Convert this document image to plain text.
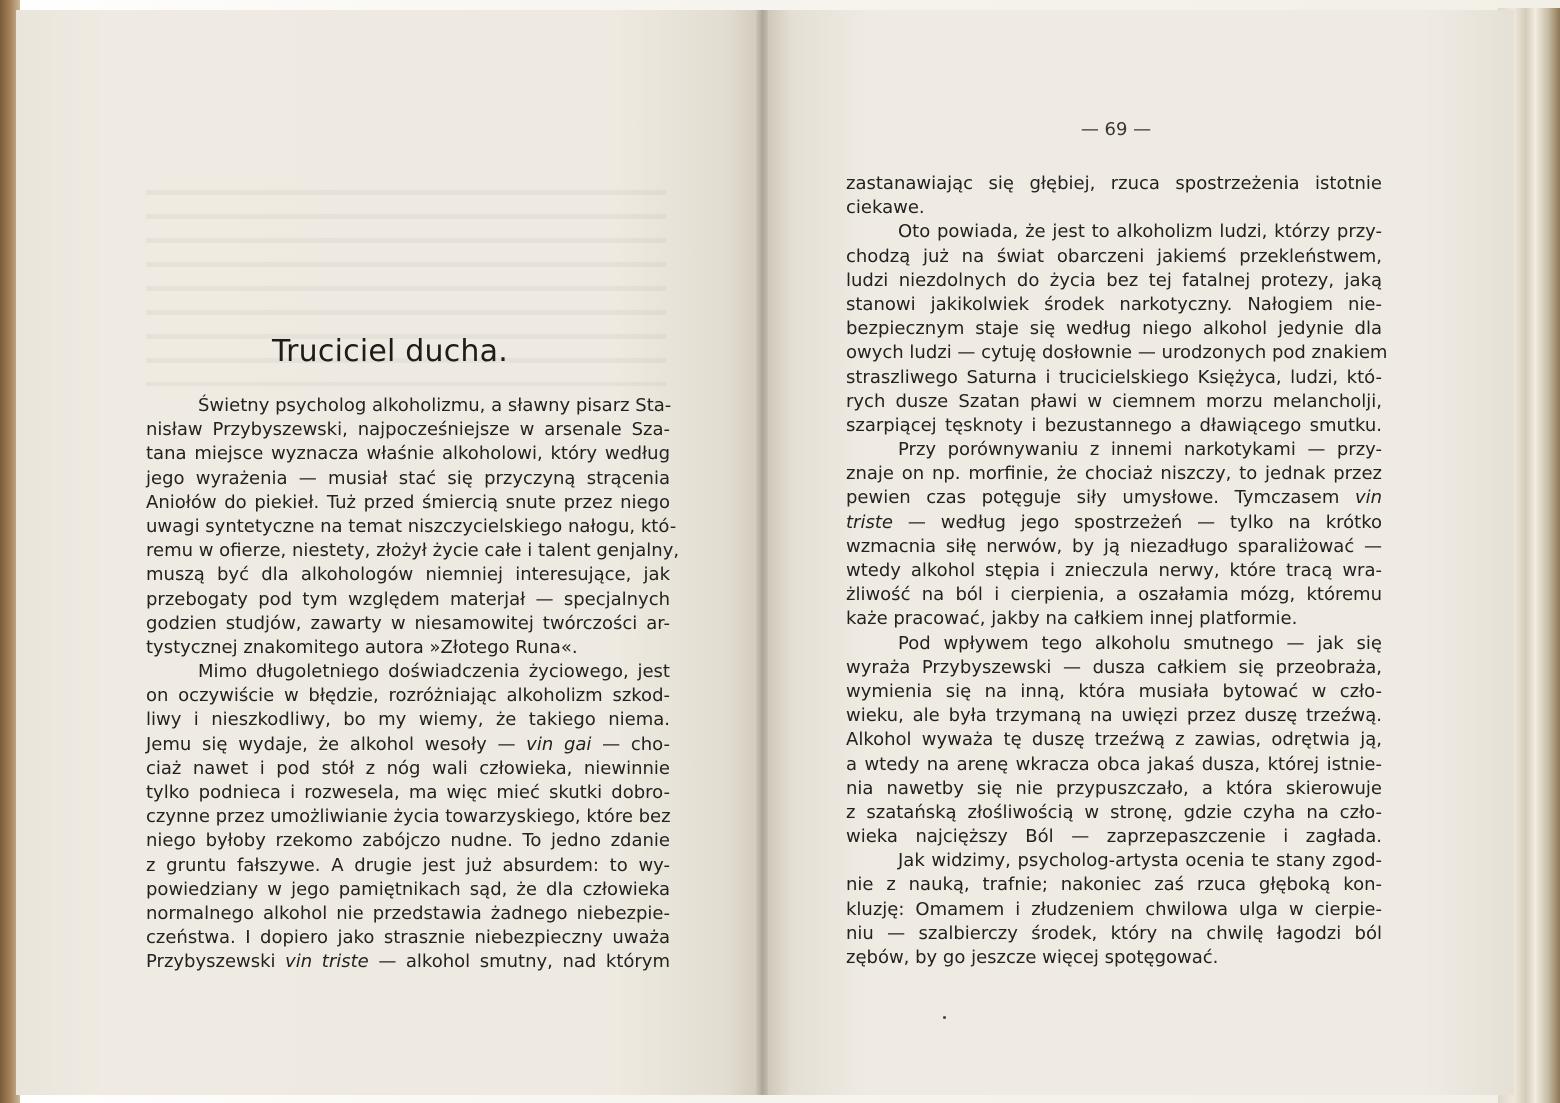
Truciciel ducha.
Świetny psycholog alkoholizmu, a sławny pisarz Sta-
nisław Przybyszewski, najpocześniejsze w arsenale Sza-
tana miejsce wyznacza właśnie alkoholowi, który według
jego wyrażenia — musiał stać się przyczyną strącenia
Aniołów do piekieł. Tuż przed śmiercią snute przez niego
uwagi syntetyczne na temat niszczycielskiego nałogu, któ-
remu w ofierze, niestety, złożył życie całe i talent genjalny,
muszą być dla alkohologów niemniej interesujące, jak
przebogaty pod tym względem materjał — specjalnych
godzien studjów, zawarty w niesamowitej twórczości ar-
tystycznej znakomitego autora »Złotego Runa«.
Mimo długoletniego doświadczenia życiowego, jest
on oczywiście w błędzie, rozróżniając alkoholizm szkod-
liwy i nieszkodliwy, bo my wiemy, że takiego niema.
Jemu się wydaje, że alkohol wesoły — vin gai — cho-
ciaż nawet i pod stół z nóg wali człowieka, niewinnie
tylko podnieca i rozwesela, ma więc mieć skutki dobro-
czynne przez umożliwianie życia towarzyskiego, które bez
niego byłoby rzekomo zabójczo nudne. To jedno zdanie
z gruntu fałszywe. A drugie jest już absurdem: to wy-
powiedziany w jego pamiętnikach sąd, że dla człowieka
normalnego alkohol nie przedstawia żadnego niebezpie-
czeństwa. I dopiero jako strasznie niebezpieczny uważa
Przybyszewski vin triste — alkohol smutny, nad którym
— 69 —
zastanawiając się głębiej, rzuca spostrzeżenia istotnie
ciekawe.
Oto powiada, że jest to alkoholizm ludzi, którzy przy-
chodzą już na świat obarczeni jakiemś przekleństwem,
ludzi niezdolnych do życia bez tej fatalnej protezy, jaką
stanowi jakikolwiek środek narkotyczny. Nałogiem nie-
bezpiecznym staje się według niego alkohol jedynie dla
owych ludzi — cytuję dosłownie — urodzonych pod znakiem
straszliwego Saturna i trucicielskiego Księżyca, ludzi, któ-
rych dusze Szatan pławi w ciemnem morzu melancholji,
szarpiącej tęsknoty i bezustannego a dławiącego smutku.
Przy porównywaniu z innemi narkotykami — przy-
znaje on np. morfinie, że chociaż niszczy, to jednak przez
pewien czas potęguje siły umysłowe. Tymczasem vin
triste — według jego spostrzeżeń — tylko na krótko
wzmacnia siłę nerwów, by ją niezadługo sparaliżować —
wtedy alkohol stępia i znieczula nerwy, które tracą wra-
żliwość na ból i cierpienia, a oszałamia mózg, któremu
każe pracować, jakby na całkiem innej platformie.
Pod wpływem tego alkoholu smutnego — jak się
wyraża Przybyszewski — dusza całkiem się przeobraża,
wymienia się na inną, która musiała bytować w czło-
wieku, ale była trzymaną na uwięzi przez duszę trzeźwą.
Alkohol wyważa tę duszę trzeźwą z zawias, odrętwia ją,
a wtedy na arenę wkracza obca jakaś dusza, której istnie-
nia nawetby się nie przypuszczało, a która skierowuje
z szatańską złośliwością w stronę, gdzie czyha na czło-
wieka najcięższy Ból — zaprzepaszczenie i zagłada.
Jak widzimy, psycholog-artysta ocenia te stany zgod-
nie z nauką, trafnie; nakoniec zaś rzuca głęboką kon-
kluzję: Omamem i złudzeniem chwilowa ulga w cierpie-
niu — szalbierczy środek, który na chwilę łagodzi ból
zębów, by go jeszcze więcej spotęgować.
